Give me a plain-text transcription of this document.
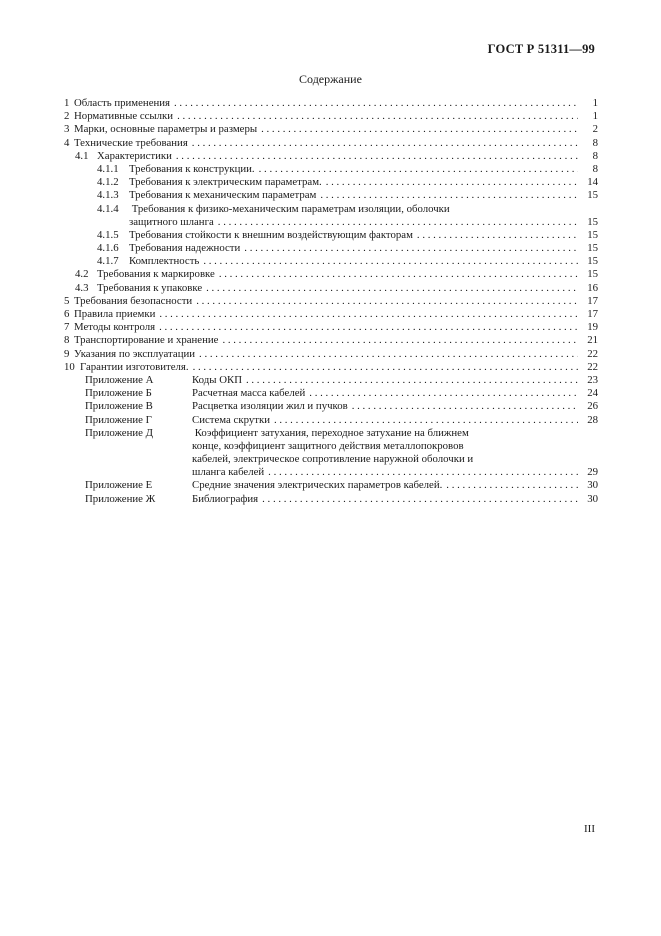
ГОСТ Р 51311—99
Содержание
1 Область применения . . .	1
2 Нормативные ссылки . . .	1
3 Марки, основные параметры и размеры . . .	2
4 Технические требования . . .	8
4.1 Характеристики . . .	8
4.1.1 Требования к конструкции. . . .	8
4.1.2 Требования к электрическим параметрам. . . .	14
4.1.3 Требования к механическим параметрам . . .	15
4.1.4 Требования к физико-механическим параметрам изоляции, оболочки
защитного шланга . . .	15
4.1.5 Требования стойкости к внешним воздействующим факторам . . .	15
4.1.6 Требования надежности . . .	15
4.1.7 Комплектность . . .	15
4.2 Требования к маркировке . . .	15
4.3 Требования к упаковке . . .	16
5 Требования безопасности . . .	17
6 Правила приемки . . .	17
7 Методы контроля . . .	19
8 Транспортирование и хранение . . .	21
9 Указания по эксплуатации . . .	22
10 Гарантии изготовителя. . . .	22
Приложение А	Коды ОКП . . .	23
Приложение Б	Расчетная масса кабелей . . .	24
Приложение В	Расцветка изоляции жил и пучков . . .	26
Приложение Г	Система скрутки . . .	28
Приложение Д	Коэффициент затухания, переходное затухание на ближнем
конце, коэффициент защитного действия металлопокровов
кабелей, электрическое сопротивление наружной оболочки и
шланга кабелей . . .	29
Приложение Е	Средние значения электрических параметров кабелей. . . .	30
Приложение Ж	Библиография . . .	30
III
